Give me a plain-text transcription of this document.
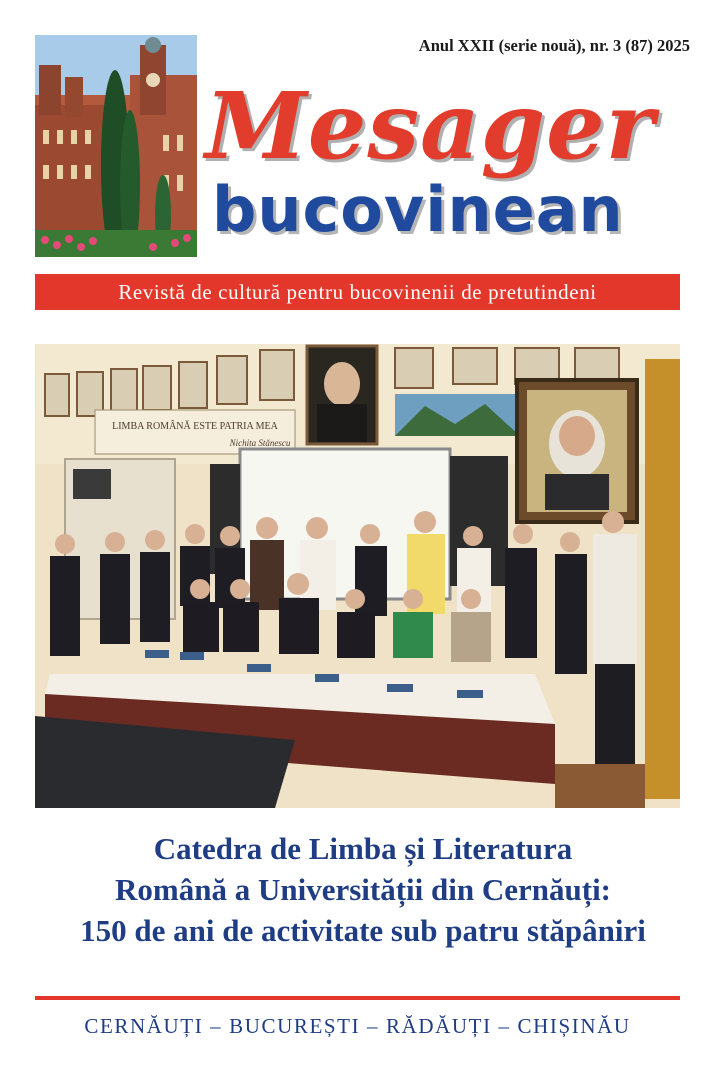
Anul XXII (serie nouă), nr. 3 (87) 2025
Mesager
bucovinean
Revistă de cultură pentru bucovinenii de pretutindeni
LIMBA ROMÂNĂ ESTE PATRIA MEA
Nichita Stănescu
Catedra de Limba și Literatura
Română a Universității din Cernăuți:
150 de ani de activitate sub patru stăpâniri
CERNĂUȚI – BUCUREȘTI – RĂDĂUȚI – CHIȘINĂU
